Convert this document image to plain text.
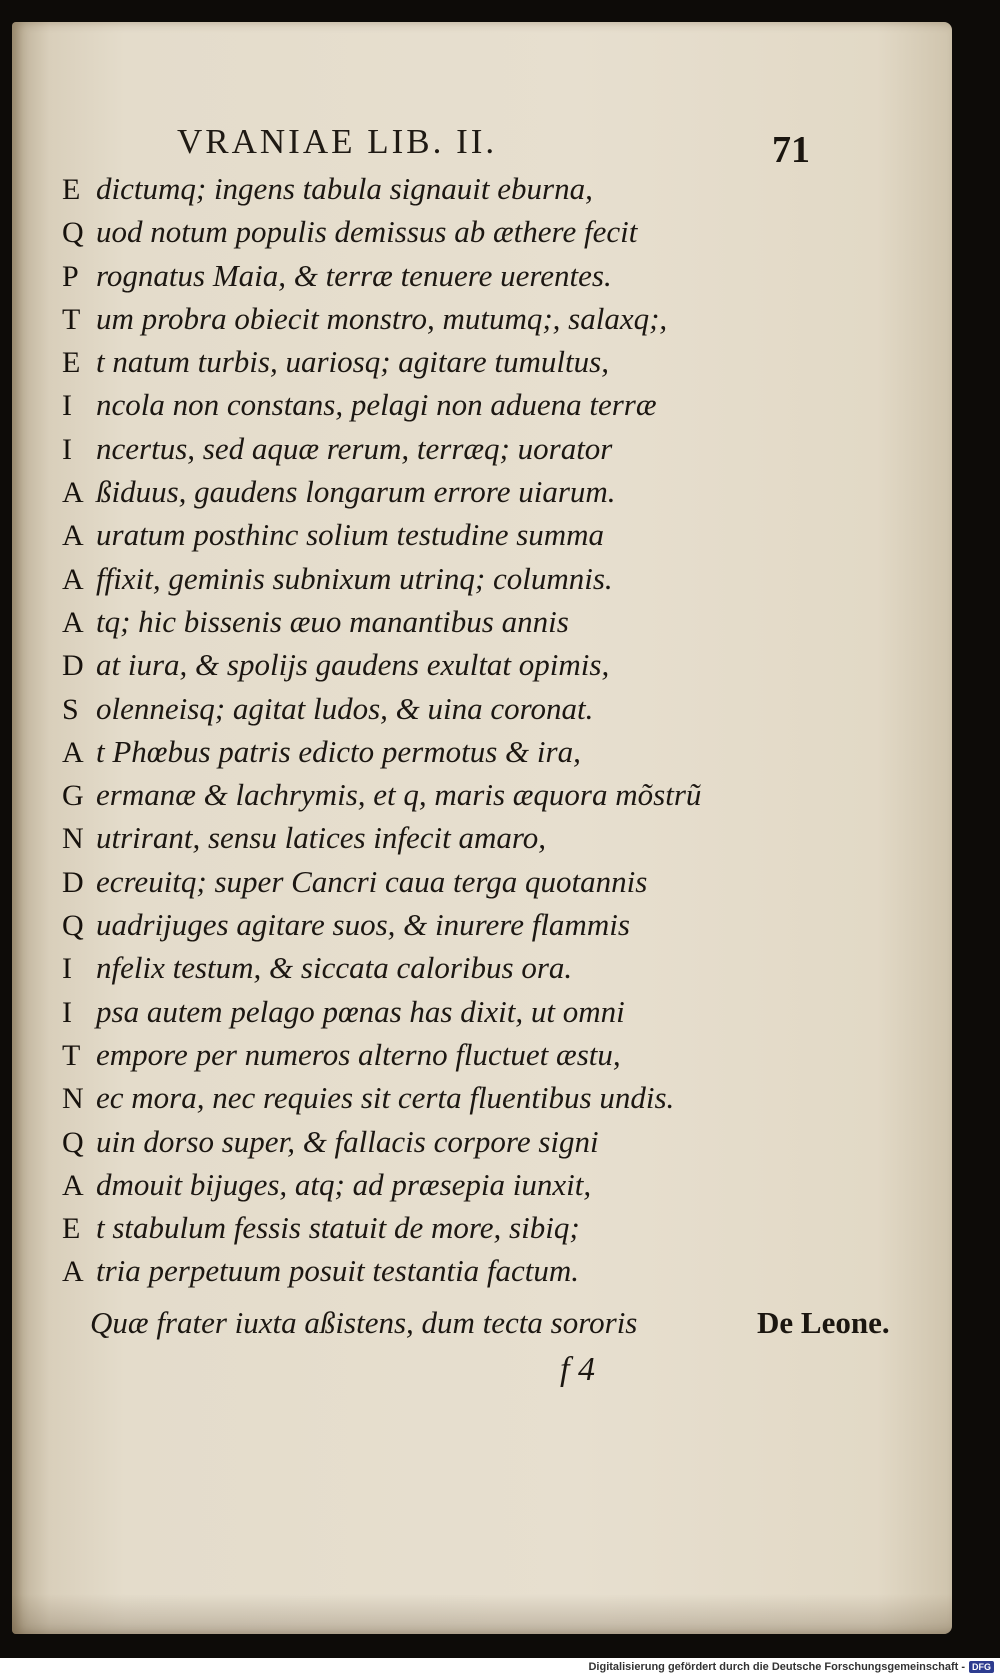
VRANIAE LIB. II.	71
E dictumq; ingens tabula signauit eburna,
Q uod notum populis demissus ab æthere fecit
P rognatus Maia, & terræ tenuere uerentes.
T um probra obiecit monstro, mutumq;, salaxq;,
E t natum turbis, uariosq; agitare tumultus,
I ncola non constans, pelagi non aduena terræ
I ncertus, sed aquæ rerum, terræq; uorator
A ßiduus, gaudens longarum errore uiarum.
A uratum posthinc solium testudine summa
A ffixit, geminis subnixum utrinq; columnis.
A tq; hic bissenis æuo manantibus annis
D at iura, & spolijs gaudens exultat opimis,
S olenneisq; agitat ludos, & uina coronat.
A t Phœbus patris edicto permotus & ira,
G ermanæ & lachrymis, et q, maris æquora mõstrũ
N utrirant, sensu latices infecit amaro,
D ecreuitq; super Cancri caua terga quotannis
Q uadrijuges agitare suos, & inurere flammis
I nfelix testum, & siccata caloribus ora.
I psa autem pelago pœnas has dixit, ut omni
T empore per numeros alterno fluctuet æstu,
N ec mora, nec requies sit certa fluentibus undis.
Q uin dorso super, & fallacis corpore signi
A dmouit bijuges, atq; ad præsepia iunxit,
E t stabulum fessis statuit de more, sibiq;
A tria perpetuum posuit testantia factum.
Quæ frater iuxta aßistens, dum tecta sororis	De Leone.
f 4
Digitalisierung gefördert durch die Deutsche Forschungsgemeinschaft - DFG
